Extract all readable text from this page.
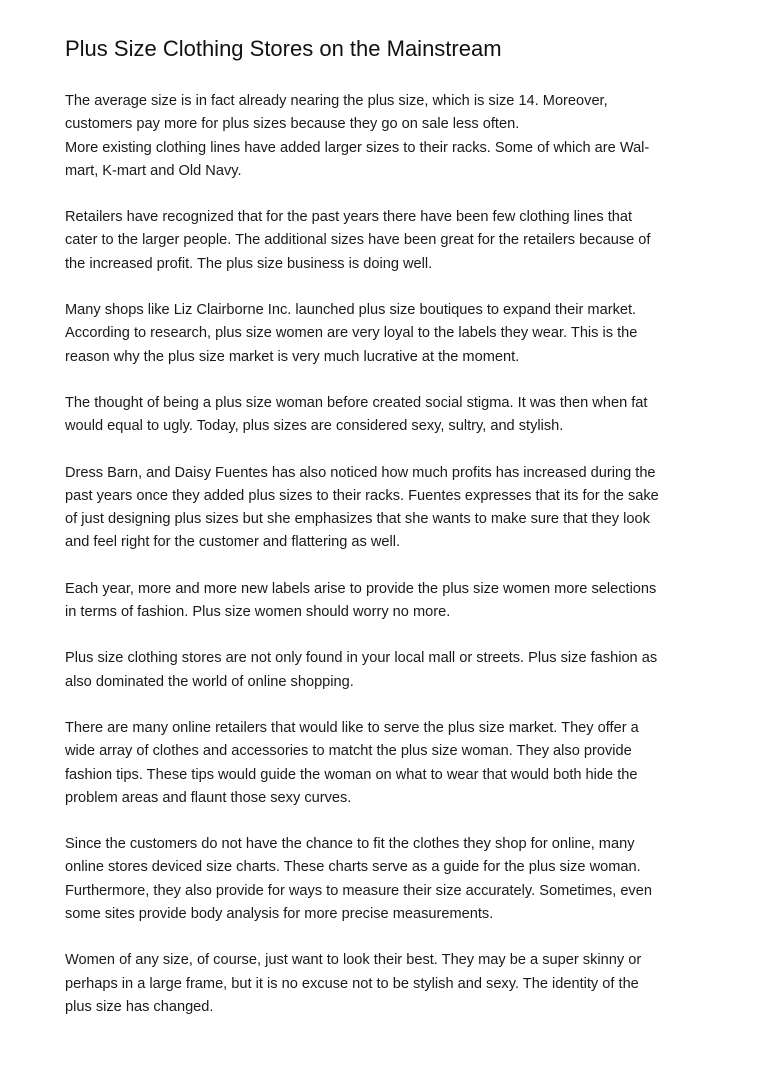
Plus Size Clothing Stores on the Mainstream

The average size is in fact already nearing the plus size, which is size 14. Moreover,
customers pay more for plus sizes because they go on sale less often.
More existing clothing lines have added larger sizes to their racks. Some of which are Wal-
mart, K-mart and Old Navy.

Retailers have recognized that for the past years there have been few clothing lines that
cater to the larger people. The additional sizes have been great for the retailers because of
the increased profit. The plus size business is doing well.

Many shops like Liz Clairborne Inc. launched plus size boutiques to expand their market.
According to research, plus size women are very loyal to the labels they wear. This is the
reason why the plus size market is very much lucrative at the moment.

The thought of being a plus size woman before created social stigma. It was then when fat
would equal to ugly. Today, plus sizes are considered sexy, sultry, and stylish.

Dress Barn, and Daisy Fuentes has also noticed how much profits has increased during the
past years once they added plus sizes to their racks. Fuentes expresses that its for the sake
of just designing plus sizes but she emphasizes that she wants to make sure that they look
and feel right for the customer and flattering as well.

Each year, more and more new labels arise to provide the plus size women more selections
in terms of fashion. Plus size women should worry no more.

Plus size clothing stores are not only found in your local mall or streets. Plus size fashion as
also dominated the world of online shopping.

There are many online retailers that would like to serve the plus size market. They offer a
wide array of clothes and accessories to matcht the plus size woman. They also provide
fashion tips. These tips would guide the woman on what to wear that would both hide the
problem areas and flaunt those sexy curves.

Since the customers do not have the chance to fit the clothes they shop for online, many
online stores deviced size charts. These charts serve as a guide for the plus size woman.
Furthermore, they also provide for ways to measure their size accurately. Sometimes, even
some sites provide body analysis for more precise measurements.

Women of any size, of course, just want to look their best. They may be a super skinny or
perhaps in a large frame, but it is no excuse not to be stylish and sexy. The identity of the
plus size has changed.
